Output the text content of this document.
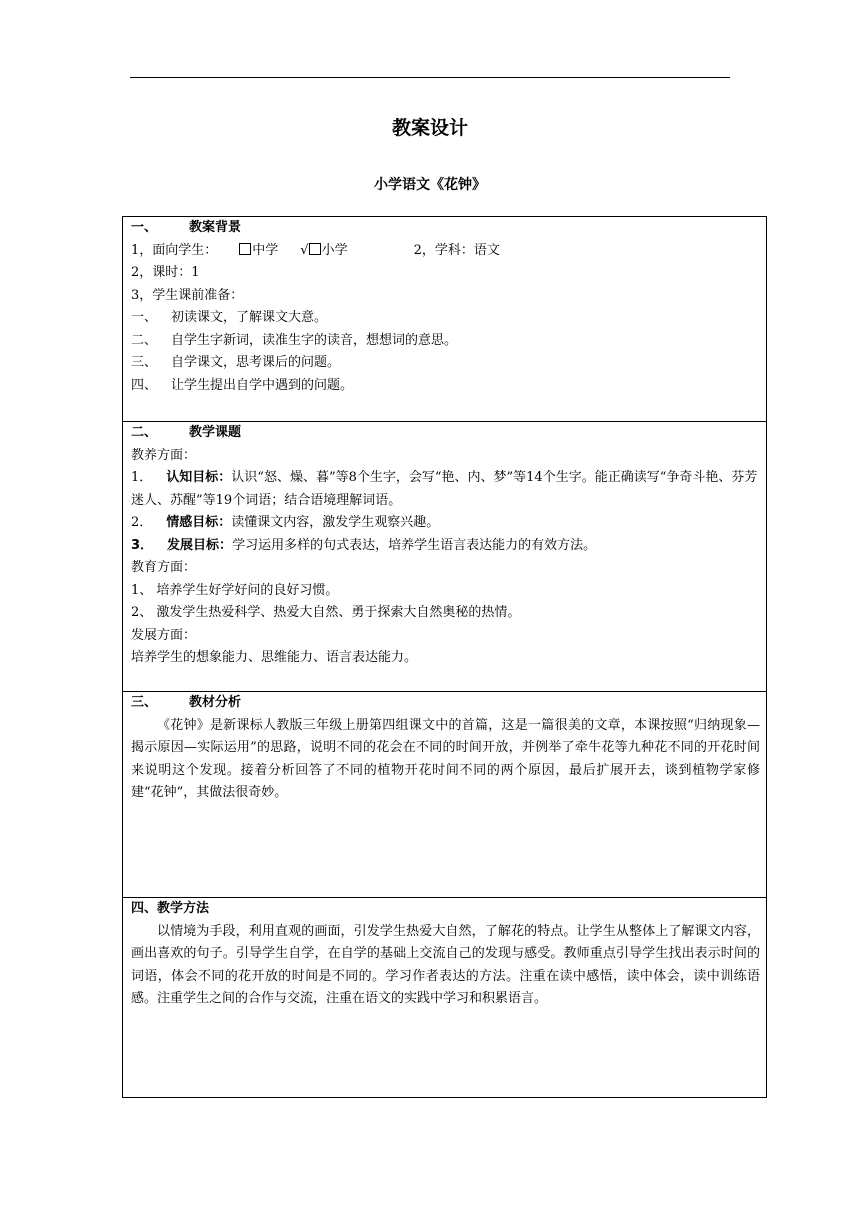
教案设计
小学语文《花钟》
一、 教案背景
1，面向学生：	中学 √ 小学	2，学科：语文
2，课时：1
3，学生课前准备：
一、 初读课文，了解课文大意。
二、 自学生字新词，读准生字的读音，想想词的意思。
三、 自学课文，思考课后的问题。
四、 让学生提出自学中遇到的问题。
二、 教学课题
教养方面：
1． 认知目标：认识“怒、燥、暮”等8个生字，会写“艳、内、梦”等14个生字。能正确读写“争奇斗艳、芬芳迷人、苏醒”等19个词语；结合语境理解词语。
2． 情感目标：读懂课文内容，激发学生观察兴趣。
3． 发展目标：学习运用多样的句式表达，培养学生语言表达能力的有效方法。
教育方面：
1、 培养学生好学好问的良好习惯。
2、 激发学生热爱科学、热爱大自然、勇于探索大自然奥秘的热情。
发展方面：
培养学生的想象能力、思维能力、语言表达能力。
三、 教材分析
《花钟》是新课标人教版三年级上册第四组课文中的首篇，这是一篇很美的文章，本课按照“归纳现象—揭示原因—实际运用”的思路，说明不同的花会在不同的时间开放，并例举了牵牛花等九种花不同的开花时间来说明这个发现。接着分析回答了不同的植物开花时间不同的两个原因，最后扩展开去，谈到植物学家修建“花钟”，其做法很奇妙。
四、教学方法
以情境为手段，利用直观的画面，引发学生热爱大自然，了解花的特点。让学生从整体上了解课文内容，画出喜欢的句子。引导学生自学，在自学的基础上交流自己的发现与感受。教师重点引导学生找出表示时间的词语，体会不同的花开放的时间是不同的。学习作者表达的方法。注重在读中感悟，读中体会，读中训练语感。注重学生之间的合作与交流，注重在语文的实践中学习和积累语言。
